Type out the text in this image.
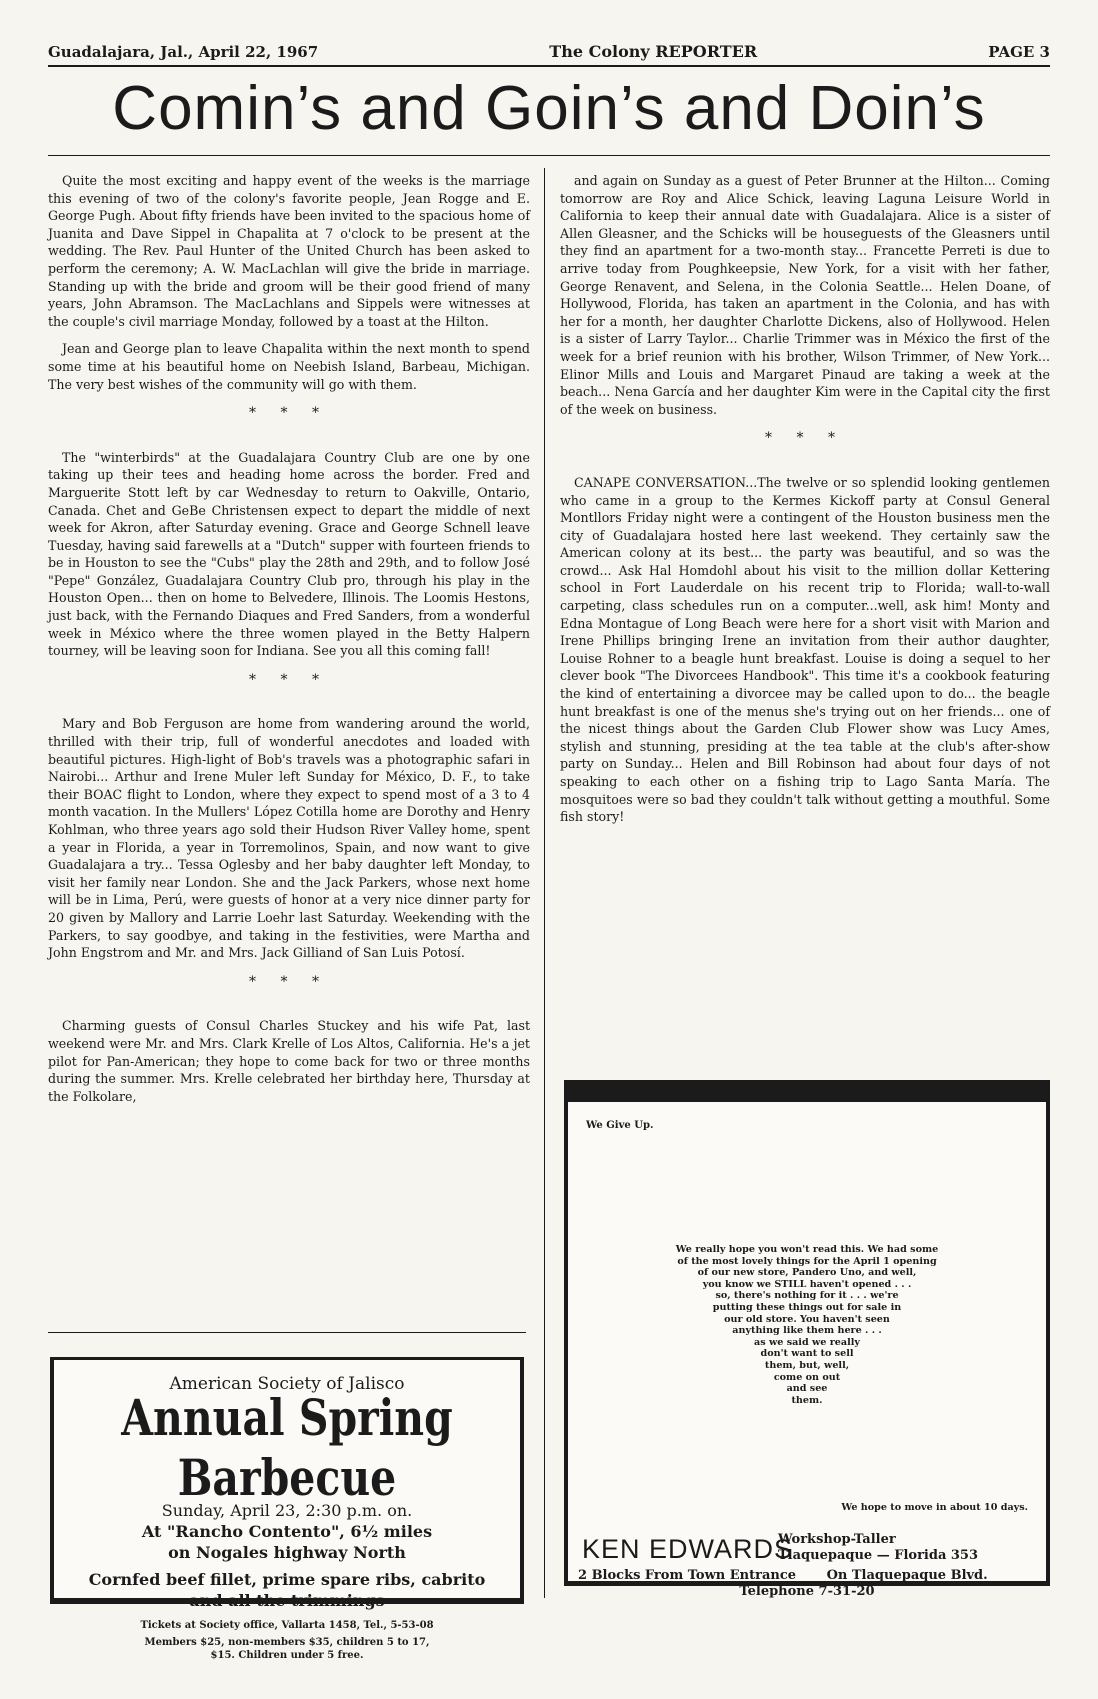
Guadalajara, Jal., April 22, 1967	The Colony REPORTER	PAGE 3
Comin’s and Goin’s and Doin’s

Quite the most exciting and happy event of the weeks is the marriage this evening of two of the colony's favorite people, Jean Rogge and E. George Pugh. About fifty friends have been invited to the spacious home of Juanita and Dave Sippel in Chapalita at 7 o'clock to be present at the wedding. The Rev. Paul Hunter of the United Church has been asked to perform the ceremony; A. W. MacLachlan will give the bride in marriage. Standing up with the bride and groom will be their good friend of many years, John Abramson. The MacLachlans and Sippels were witnesses at the couple's civil marriage Monday, followed by a toast at the Hilton.

Jean and George plan to leave Chapalita within the next month to spend some time at his beautiful home on Neebish Island, Barbeau, Michigan. The very best wishes of the community will go with them.

* * *

The "winterbirds" at the Guadalajara Country Club are one by one taking up their tees and heading home across the border. Fred and Marguerite Stott left by car Wednesday to return to Oakville, Ontario, Canada. Chet and GeBe Christensen expect to depart the middle of next week for Akron, after Saturday evening. Grace and George Schnell leave Tuesday, having said farewells at a "Dutch" supper with fourteen friends to be in Houston to see the "Cubs" play the 28th and 29th, and to follow José "Pepe" González, Guadalajara Country Club pro, through his play in the Houston Open... then on home to Belvedere, Illinois. The Loomis Hestons, just back, with the Fernando Diaques and Fred Sanders, from a wonderful week in México where the three women played in the Betty Halpern tourney, will be leaving soon for Indiana. See you all this coming fall!

* * *

Mary and Bob Ferguson are home from wandering around the world, thrilled with their trip, full of wonderful anecdotes and loaded with beautiful pictures. High-light of Bob's travels was a photographic safari in Nairobi... Arthur and Irene Muler left Sunday for México, D. F., to take their BOAC flight to London, where they expect to spend most of a 3 to 4 month vacation. In the Mullers' López Cotilla home are Dorothy and Henry Kohlman, who three years ago sold their Hudson River Valley home, spent a year in Florida, a year in Torremolinos, Spain, and now want to give Guadalajara a try... Tessa Oglesby and her baby daughter left Monday, to visit her family near London. She and the Jack Parkers, whose next home will be in Lima, Perú, were guests of honor at a very nice dinner party for 20 given by Mallory and Larrie Loehr last Saturday. Weekending with the Parkers, to say goodbye, and taking in the festivities, were Martha and John Engstrom and Mr. and Mrs. Jack Gilliand of San Luis Potosí.

* * *

Charming guests of Consul Charles Stuckey and his wife Pat, last weekend were Mr. and Mrs. Clark Krelle of Los Altos, California. He's a jet pilot for Pan-American; they hope to come back for two or three months during the summer. Mrs. Krelle celebrated her birthday here, Thursday at the Folkolare,

and again on Sunday as a guest of Peter Brunner at the Hilton... Coming tomorrow are Roy and Alice Schick, leaving Laguna Leisure World in California to keep their annual date with Guadalajara. Alice is a sister of Allen Gleasner, and the Schicks will be houseguests of the Gleasners until they find an apartment for a two-month stay... Francette Perreti is due to arrive today from Poughkeepsie, New York, for a visit with her father, George Renavent, and Selena, in the Colonia Seattle... Helen Doane, of Hollywood, Florida, has taken an apartment in the Colonia, and has with her for a month, her daughter Charlotte Dickens, also of Hollywood. Helen is a sister of Larry Taylor... Charlie Trimmer was in México the first of the week for a brief reunion with his brother, Wilson Trimmer, of New York... Elinor Mills and Louis and Margaret Pinaud are taking a week at the beach... Nena García and her daughter Kim were in the Capital city the first of the week on business.

* * *

CANAPE CONVERSATION...The twelve or so splendid looking gentlemen who came in a group to the Kermes Kickoff party at Consul General Montllors Friday night were a contingent of the Houston business men the city of Guadalajara hosted here last weekend. They certainly saw the American colony at its best... the party was beautiful, and so was the crowd... Ask Hal Homdohl about his visit to the million dollar Kettering school in Fort Lauderdale on his recent trip to Florida; wall-to-wall carpeting, class schedules run on a computer...well, ask him! Monty and Edna Montague of Long Beach were here for a short visit with Marion and Irene Phillips bringing Irene an invitation from their author daughter, Louise Rohner to a beagle hunt breakfast. Louise is doing a sequel to her clever book "The Divorcees Handbook". This time it's a cookbook featuring the kind of entertaining a divorcee may be called upon to do... the beagle hunt breakfast is one of the menus she's trying out on her friends... one of the nicest things about the Garden Club Flower show was Lucy Ames, stylish and stunning, presiding at the tea table at the club's after-show party on Sunday... Helen and Bill Robinson had about four days of not speaking to each other on a fishing trip to Lago Santa María. The mosquitoes were so bad they couldn't talk without getting a mouthful. Some fish story!

American Society of Jalisco
Annual Spring Barbecue
Sunday, April 23, 2:30 p.m. on.
At "Rancho Contento", 6½ miles
on Nogales highway North
Cornfed beef fillet, prime spare ribs, cabrito
and all the trimmings
Tickets at Society office, Vallarta 1458, Tel., 5-53-08
Members $25, non-members $35, children 5 to 17, $15. Children under 5 free.
We Give Up.
We really hope you won't read this. We had some
of the most lovely things for the April 1 opening
of our new store, Pandero Uno, and well,
you know we STILL haven't opened . . .
so, there's nothing for it . . . we're
putting these things out for sale in
our old store. You haven't seen
anything like them here . . .
as we said we really
don't want to sell
them, but, well,
come on out
and see
them.
We hope to move in about 10 days.
KEN EDWARDS
Workshop-Taller
Tlaquepaque — Florida 353
2 Blocks From Town Entrance On Tlaquepaque Blvd.
Telephone 7-31-20
